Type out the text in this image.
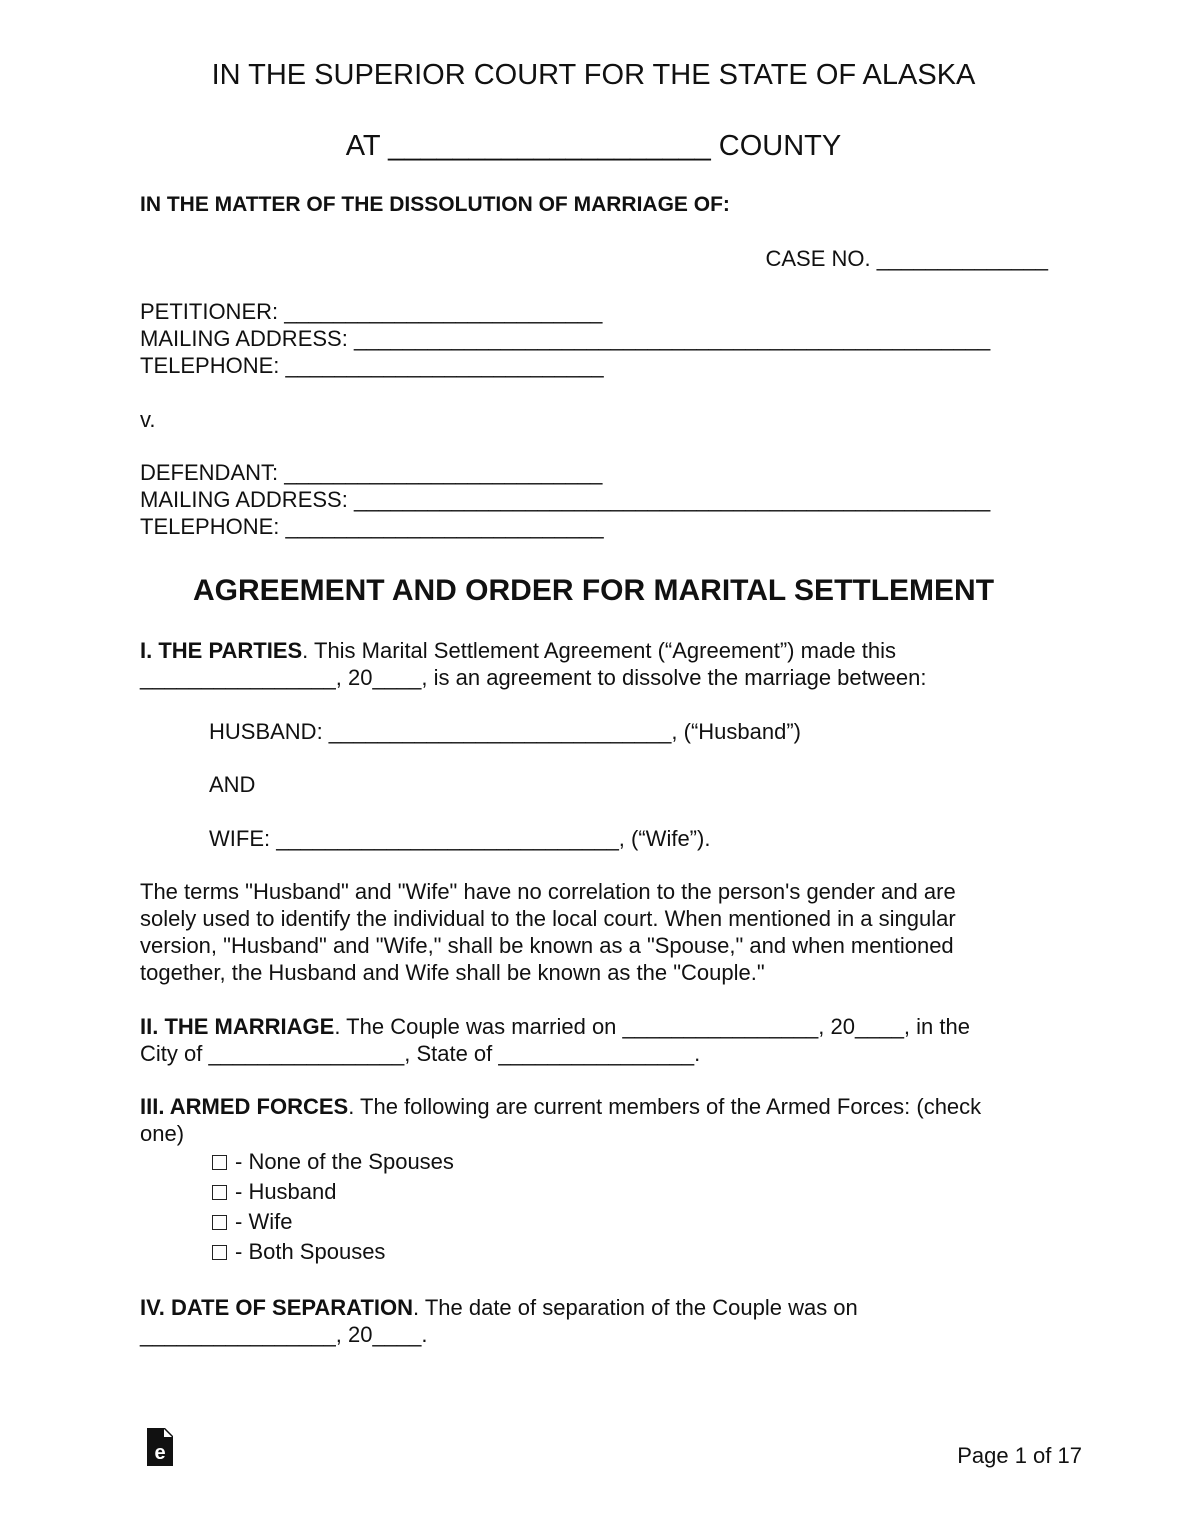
IN THE SUPERIOR COURT FOR THE STATE OF ALASKA
AT ____________________ COUNTY
IN THE MATTER OF THE DISSOLUTION OF MARRIAGE OF:
CASE NO. ______________
PETITIONER: __________________________
MAILING ADDRESS: ____________________________________________________
TELEPHONE: __________________________
v.
DEFENDANT: __________________________
MAILING ADDRESS: ____________________________________________________
TELEPHONE: __________________________
AGREEMENT AND ORDER FOR MARITAL SETTLEMENT
I. THE PARTIES. This Marital Settlement Agreement (“Agreement”) made this
________________, 20____, is an agreement to dissolve the marriage between:
HUSBAND: ____________________________, (“Husband”)
AND
WIFE: ____________________________, (“Wife”).
The terms "Husband" and "Wife" have no correlation to the person's gender and are
solely used to identify the individual to the local court. When mentioned in a singular
version, "Husband" and "Wife," shall be known as a "Spouse," and when mentioned
together, the Husband and Wife shall be known as the "Couple."
II. THE MARRIAGE. The Couple was married on ________________, 20____, in the
City of ________________, State of ________________.
III. ARMED FORCES. The following are current members of the Armed Forces: (check
one)
- None of the Spouses
- Husband
- Wife
- Both Spouses
IV. DATE OF SEPARATION. The date of separation of the Couple was on
________________, 20____.
e	Page 1 of 17
